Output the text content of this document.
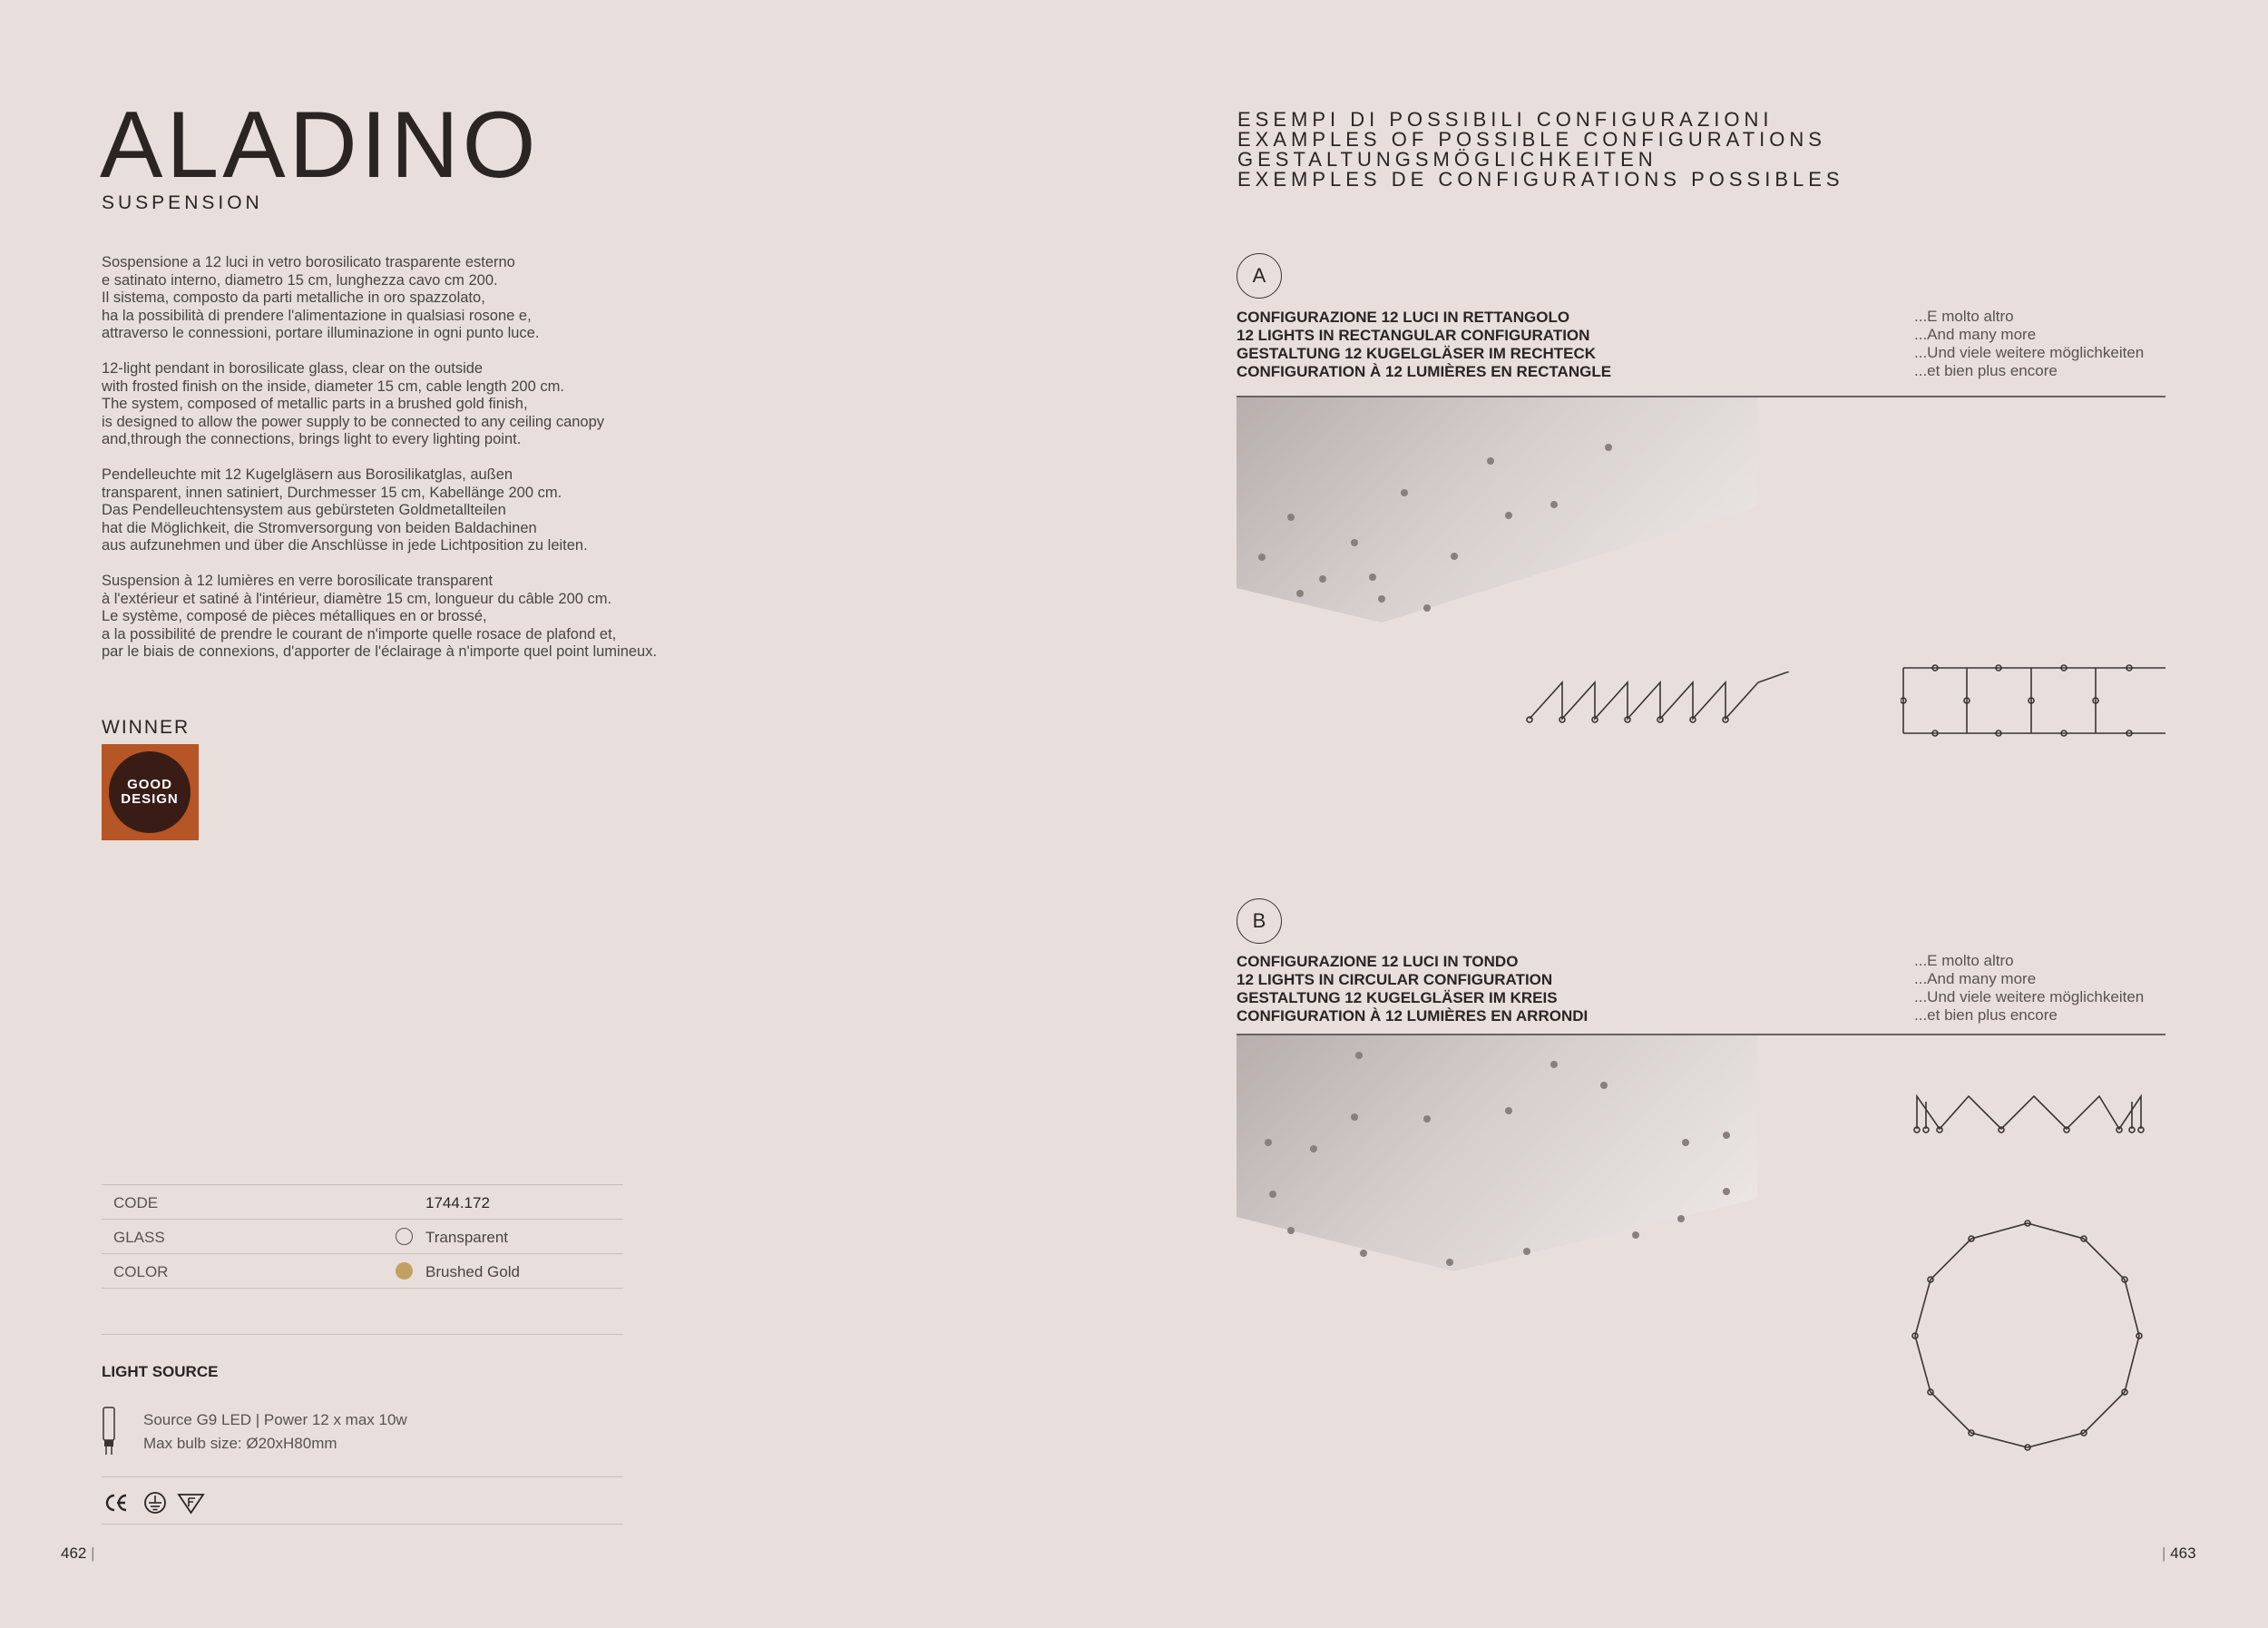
ALADINO
SUSPENSION

Sospensione a 12 luci in vetro borosilicato trasparente esterno
e satinato interno, diametro 15 cm, lunghezza cavo cm 200.
Il sistema, composto da parti metalliche in oro spazzolato,
ha la possibilità di prendere l'alimentazione in qualsiasi rosone e,
attraverso le connessioni, portare illuminazione in ogni punto luce.

12-light pendant in borosilicate glass, clear on the outside
with frosted finish on the inside, diameter 15 cm, cable length 200 cm.
The system, composed of metallic parts in a brushed gold finish,
is designed to allow the power supply to be connected to any ceiling canopy
and,through the connections, brings light to every lighting point.

Pendelleuchte mit 12 Kugelgläsern aus Borosilikatglas, außen
transparent, innen satiniert, Durchmesser 15 cm, Kabellänge 200 cm.
Das Pendelleuchtensystem aus gebürsteten Goldmetallteilen
hat die Möglichkeit, die Stromversorgung von beiden Baldachinen
aus aufzunehmen und über die Anschlüsse in jede Lichtposition zu leiten.

Suspension à 12 lumières en verre borosilicate transparent
à l'extérieur et satiné à l'intérieur, diamètre 15 cm, longueur du câble 200 cm.
Le système, composé de pièces métalliques en or brossé,
a la possibilité de prendre le courant de n'importe quelle rosace de plafond et,
par le biais de connexions, d'apporter de l'éclairage à n'importe quel point lumineux.

WINNER
GOOD
DESIGN
CODE	1744.172
GLASS	Transparent
COLOR	Brushed Gold
LIGHT SOURCE
Source G9 LED | Power 12 x max 10w
Max bulb size: Ø20xH80mm
462 |
ESEMPI DI POSSIBILI CONFIGURAZIONI
EXAMPLES OF POSSIBLE CONFIGURATIONS
GESTALTUNGSMÖGLICHKEITEN
EXEMPLES DE CONFIGURATIONS POSSIBLES
A
CONFIGURAZIONE 12 LUCI IN RETTANGOLO
12 LIGHTS IN RECTANGULAR CONFIGURATION
GESTALTUNG 12 KUGELGLÄSER IM RECHTECK
CONFIGURATION À 12 LUMIÈRES EN RECTANGLE
...E molto altro
...And many more
...Und viele weitere möglichkeiten
...et bien plus encore
B
CONFIGURAZIONE 12 LUCI IN TONDO
12 LIGHTS IN CIRCULAR CONFIGURATION
GESTALTUNG 12 KUGELGLÄSER IM KREIS
CONFIGURATION À 12 LUMIÈRES EN ARRONDI
...E molto altro
...And many more
...Und viele weitere möglichkeiten
...et bien plus encore
| 463
